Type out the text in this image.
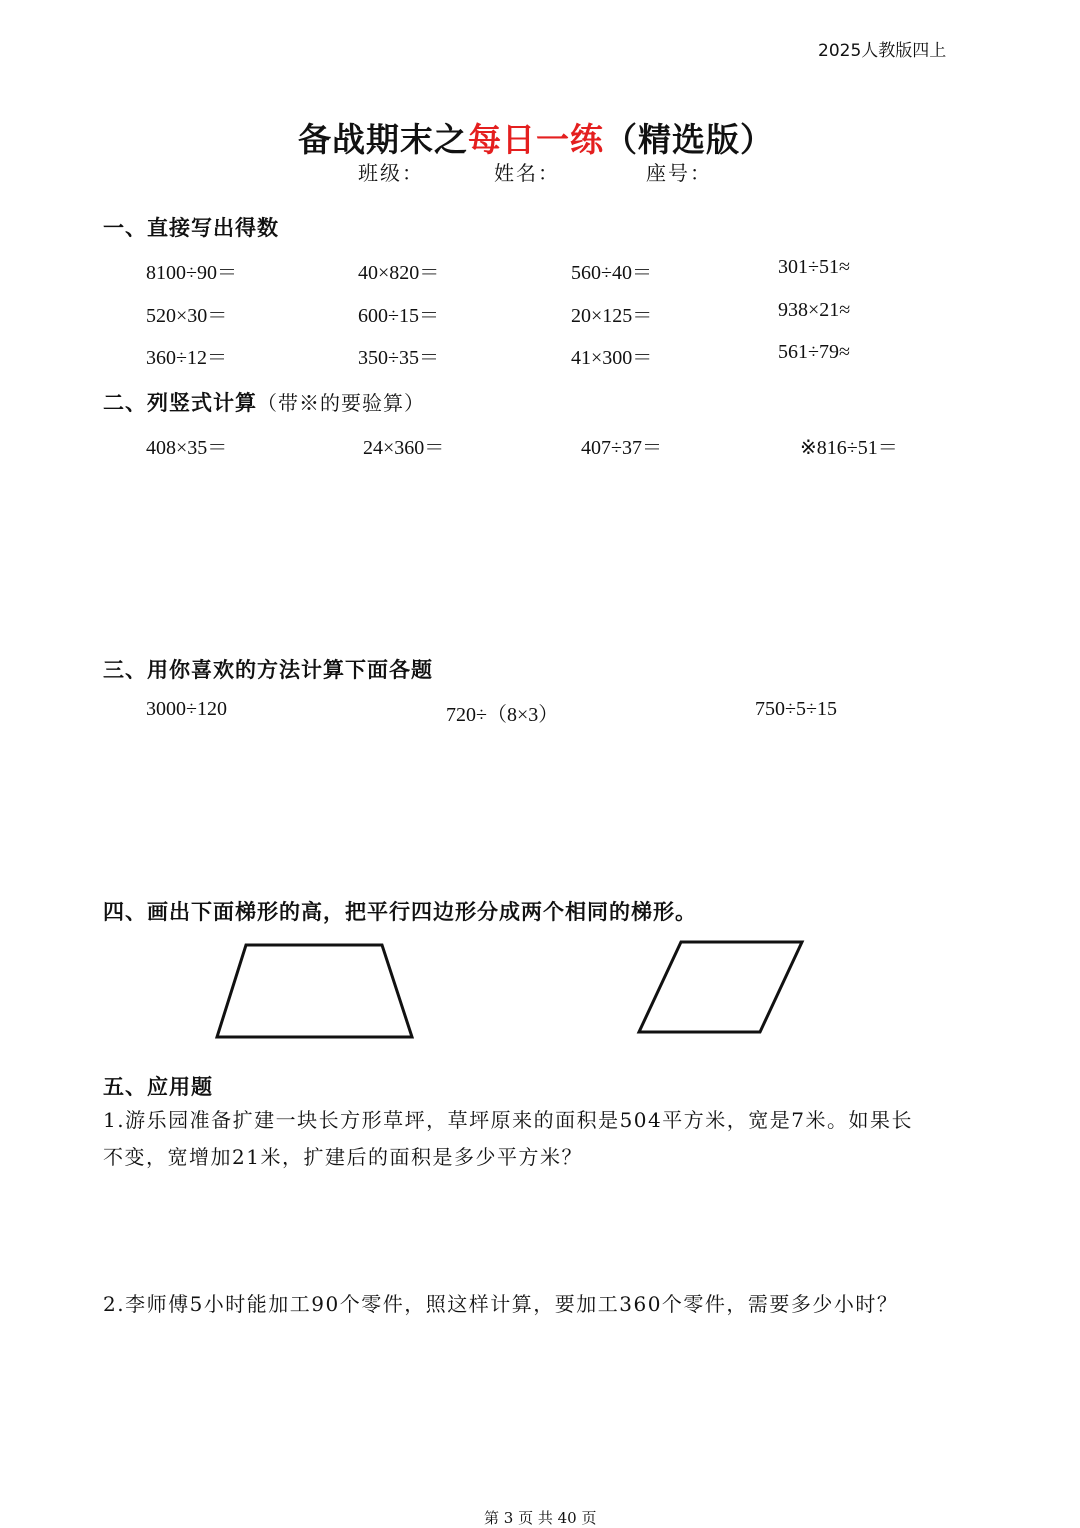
2025人教版四上
备战期末之每日一练（精选版）
班级：	姓名：	座号：
一、直接写出得数
8100÷90＝	40×820＝	560÷40＝	301÷51≈
520×30＝	600÷15＝	20×125＝	938×21≈
360÷12＝	350÷35＝	41×300＝	561÷79≈
二、列竖式计算（带※的要验算）
408×35＝	24×360＝	407÷37＝	※816÷51＝
三、用你喜欢的方法计算下面各题
3000÷120	720÷（8×3）	750÷5÷15
四、画出下面梯形的高，把平行四边形分成两个相同的梯形。
五、应用题
1.游乐园准备扩建一块长方形草坪，草坪原来的面积是504平方米，宽是7米。如果长
不变，宽增加21米，扩建后的面积是多少平方米？
2.李师傅5小时能加工90个零件，照这样计算，要加工360个零件，需要多少小时？
第 3 页 共 40 页
